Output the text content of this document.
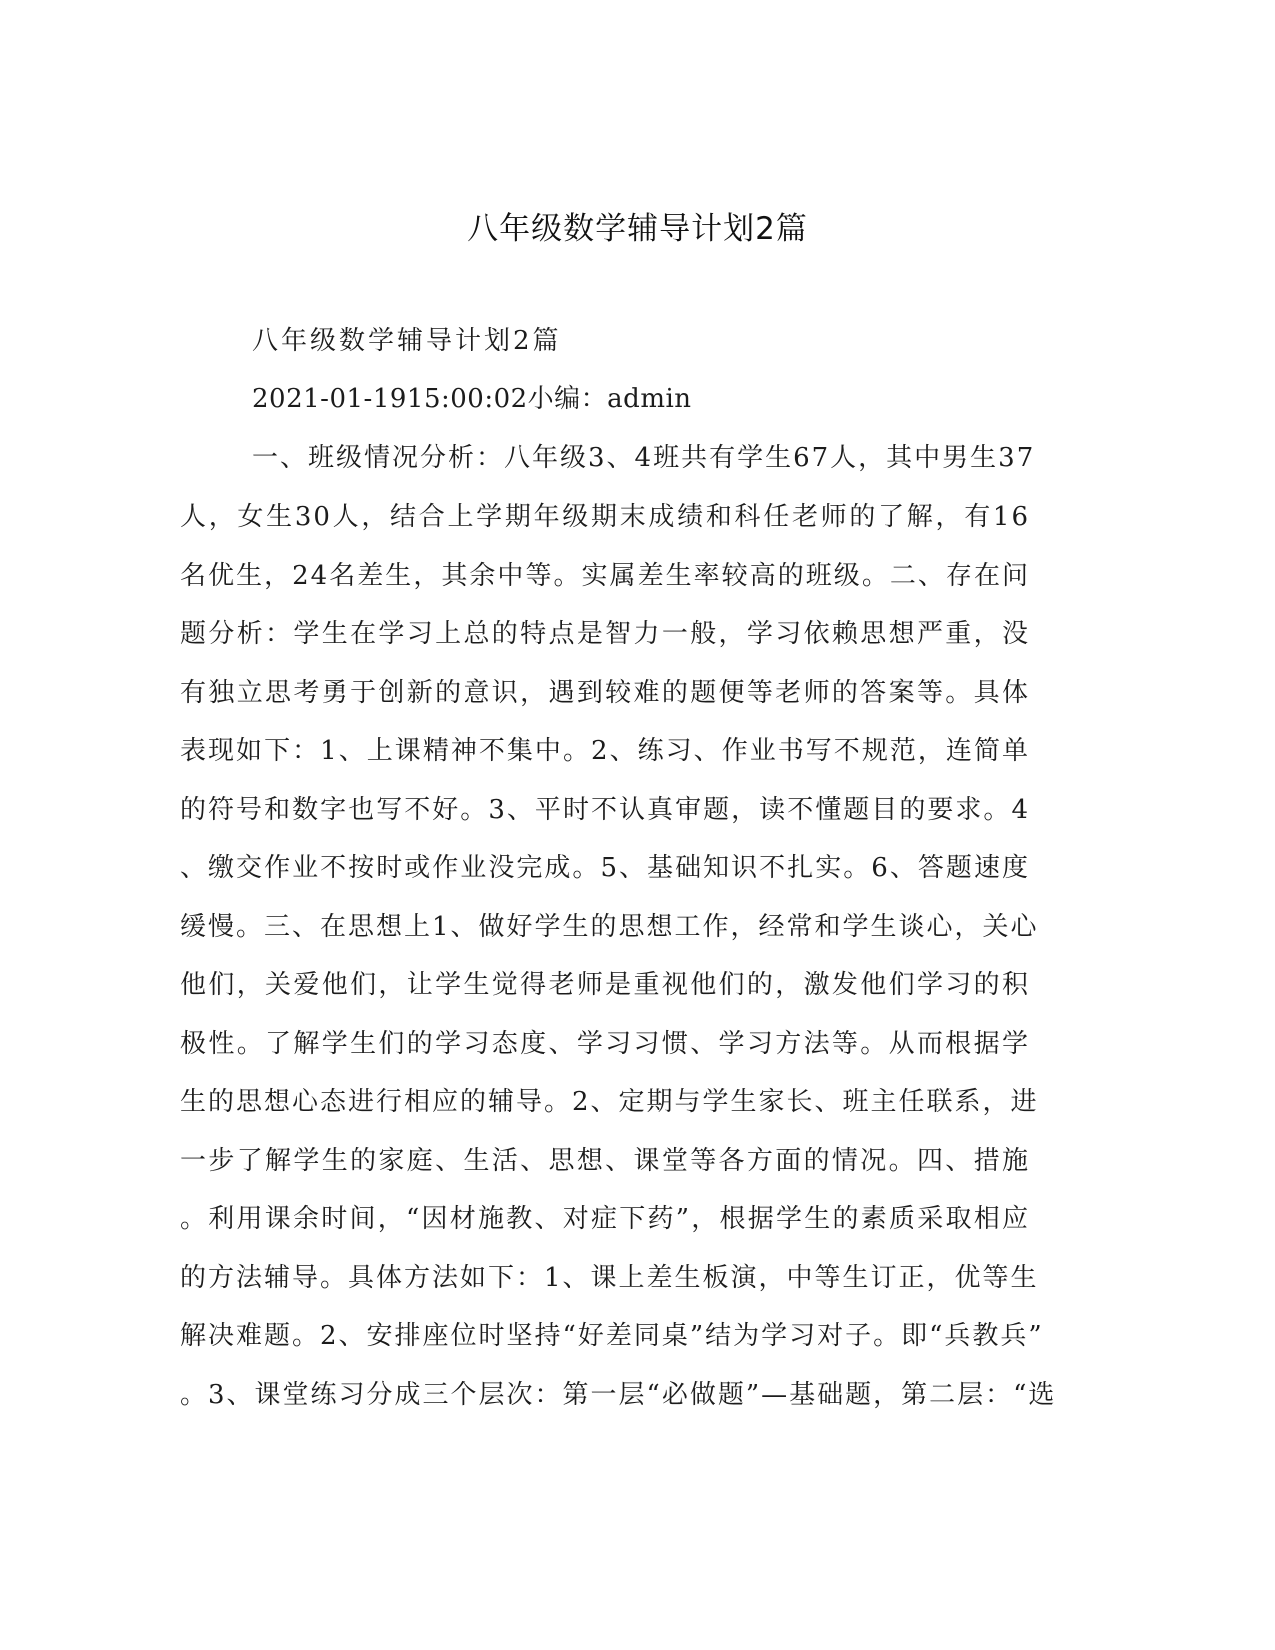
八年级数学辅导计划2篇
八年级数学辅导计划2篇
2021-01-1915:00:02小编：admin
一、班级情况分析：八年级3、4班共有学生67人，其中男生37
人，女生30人，结合上学期年级期末成绩和科任老师的了解，有16
名优生，24名差生，其余中等。实属差生率较高的班级。二、存在问
题分析：学生在学习上总的特点是智力一般，学习依赖思想严重，没
有独立思考勇于创新的意识，遇到较难的题便等老师的答案等。具体
表现如下：1、上课精神不集中。2、练习、作业书写不规范，连简单
的符号和数字也写不好。3、平时不认真审题，读不懂题目的要求。4
、缴交作业不按时或作业没完成。5、基础知识不扎实。6、答题速度
缓慢。三、在思想上1、做好学生的思想工作，经常和学生谈心，关心
他们，关爱他们，让学生觉得老师是重视他们的，激发他们学习的积
极性。了解学生们的学习态度、学习习惯、学习方法等。从而根据学
生的思想心态进行相应的辅导。2、定期与学生家长、班主任联系，进
一步了解学生的家庭、生活、思想、课堂等各方面的情况。四、措施
。利用课余时间，“因材施教、对症下药”，根据学生的素质采取相应
的方法辅导。具体方法如下：1、课上差生板演，中等生订正，优等生
解决难题。2、安排座位时坚持“好差同桌”结为学习对子。即“兵教兵”
。3、课堂练习分成三个层次：第一层“必做题”—基础题，第二层：“选
